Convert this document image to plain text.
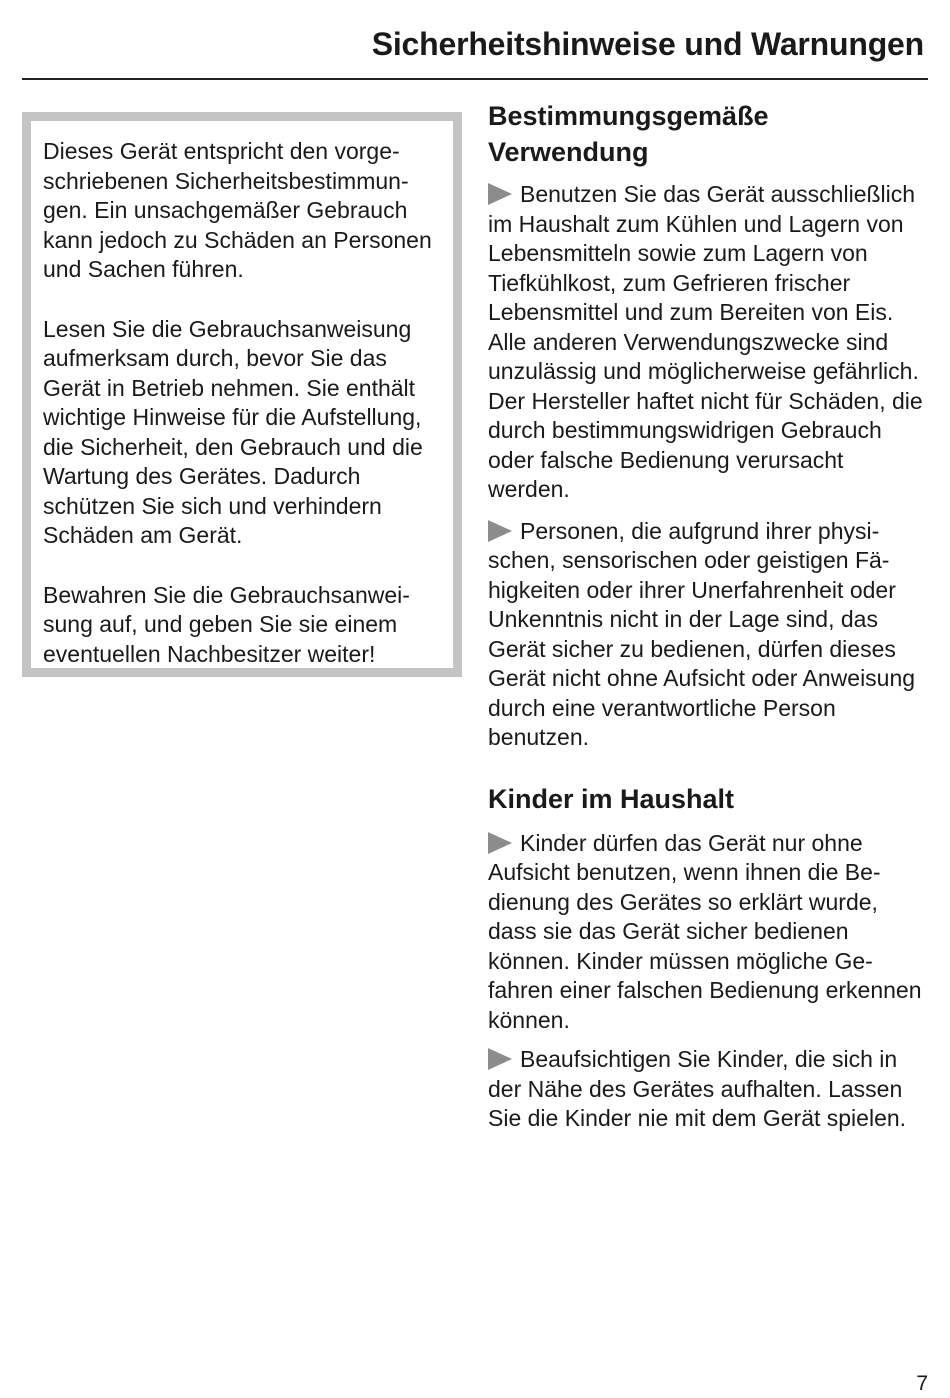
Sicherheitshinweise und Warnungen

Dieses Gerät entspricht den vorgeschriebenen Sicherheitsbestimmungen. Ein unsachgemäßer Gebrauch kann jedoch zu Schäden an Personen und Sachen führen.

Lesen Sie die Gebrauchsanweisung aufmerksam durch, bevor Sie das Gerät in Betrieb nehmen. Sie enthält wichtige Hinweise für die Aufstellung, die Sicherheit, den Gebrauch und die Wartung des Gerätes. Dadurch schützen Sie sich und verhindern Schäden am Gerät.

Bewahren Sie die Gebrauchsanweisung auf, und geben Sie sie einem eventuellen Nachbesitzer weiter!

Bestimmungsgemäße Verwendung

Benutzen Sie das Gerät ausschließlich im Haushalt zum Kühlen und Lagern von Lebensmitteln sowie zum Lagern von Tiefkühlkost, zum Gefrieren frischer Lebensmittel und zum Bereiten von Eis.

Alle anderen Verwendungszwecke sind unzulässig und möglicherweise gefährlich. Der Hersteller haftet nicht für Schäden, die durch bestimmungswidrigen Gebrauch oder falsche Bedienung verursacht werden.

Personen, die aufgrund ihrer physischen, sensorischen oder geistigen Fähigkeiten oder ihrer Unerfahrenheit oder Unkenntnis nicht in der Lage sind, das Gerät sicher zu bedienen, dürfen dieses Gerät nicht ohne Aufsicht oder Anweisung durch eine verantwortliche Person benutzen.

Kinder im Haushalt

Kinder dürfen das Gerät nur ohne Aufsicht benutzen, wenn ihnen die Bedienung des Gerätes so erklärt wurde, dass sie das Gerät sicher bedienen können. Kinder müssen mögliche Gefahren einer falschen Bedienung erkennen können.

Beaufsichtigen Sie Kinder, die sich in der Nähe des Gerätes aufhalten. Lassen Sie die Kinder nie mit dem Gerät spielen.

7
